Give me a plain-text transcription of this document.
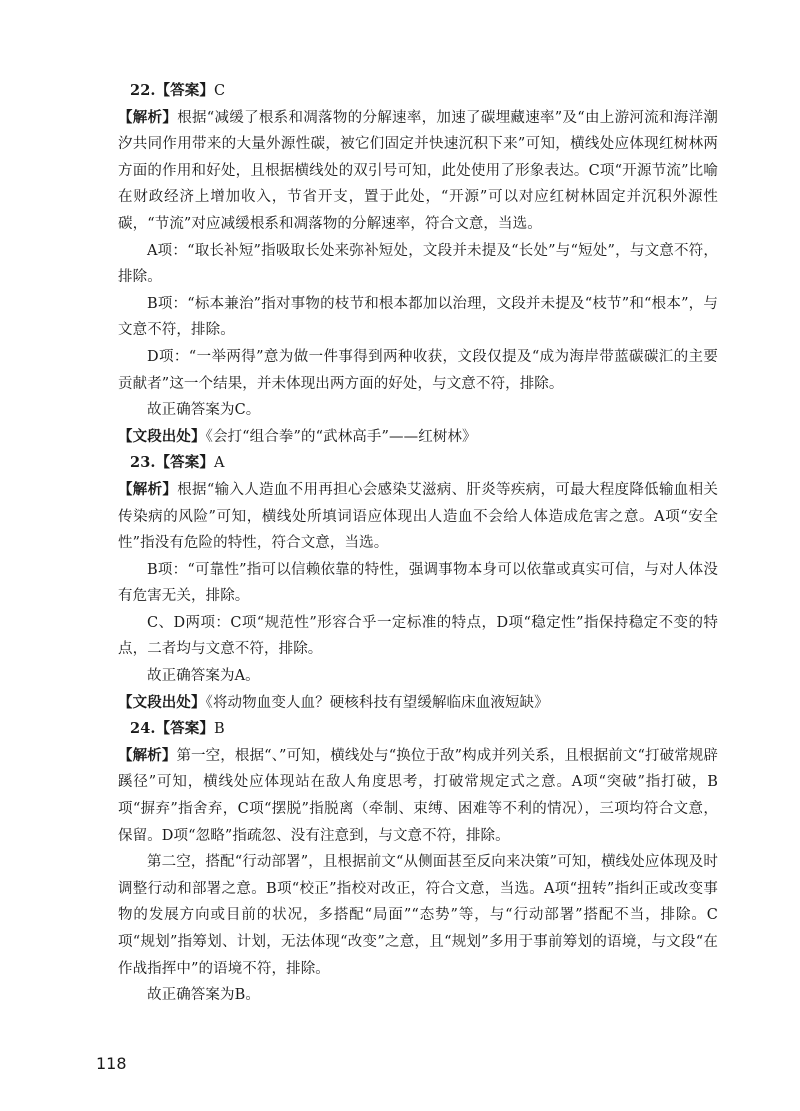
22.【答案】C

【解析】根据“减缓了根系和凋落物的分解速率，加速了碳埋藏速率”及“由上游河流和海洋潮汐共同作用带来的大量外源性碳，被它们固定并快速沉积下来”可知，横线处应体现红树林两方面的作用和好处，且根据横线处的双引号可知，此处使用了形象表达。C项“开源节流”比喻在财政经济上增加收入，节省开支，置于此处，“开源”可以对应红树林固定并沉积外源性碳，“节流”对应减缓根系和凋落物的分解速率，符合文意，当选。

A项：“取长补短”指吸取长处来弥补短处，文段并未提及“长处”与“短处”，与文意不符，排除。

B项：“标本兼治”指对事物的枝节和根本都加以治理，文段并未提及“枝节”和“根本”，与文意不符，排除。

D项：“一举两得”意为做一件事得到两种收获，文段仅提及“成为海岸带蓝碳碳汇的主要贡献者”这一个结果，并未体现出两方面的好处，与文意不符，排除。

故正确答案为C。

【文段出处】《会打“组合拳”的“武林高手”——红树林》

23.【答案】A

【解析】根据“输入人造血不用再担心会感染艾滋病、肝炎等疾病，可最大程度降低输血相关传染病的风险”可知，横线处所填词语应体现出人造血不会给人体造成危害之意。A项“安全性”指没有危险的特性，符合文意，当选。

B项：“可靠性”指可以信赖依靠的特性，强调事物本身可以依靠或真实可信，与对人体没有危害无关，排除。

C、D两项：C项“规范性”形容合乎一定标准的特点，D项“稳定性”指保持稳定不变的特点，二者均与文意不符，排除。

故正确答案为A。

【文段出处】《将动物血变人血？硬核科技有望缓解临床血液短缺》

24.【答案】B

【解析】第一空，根据“、”可知，横线处与“换位于敌”构成并列关系，且根据前文“打破常规辟蹊径”可知，横线处应体现站在敌人角度思考，打破常规定式之意。A项“突破”指打破，B项“摒弃”指舍弃，C项“摆脱”指脱离（牵制、束缚、困难等不利的情况），三项均符合文意，保留。D项“忽略”指疏忽、没有注意到，与文意不符，排除。

第二空，搭配“行动部署”，且根据前文“从侧面甚至反向来决策”可知，横线处应体现及时调整行动和部署之意。B项“校正”指校对改正，符合文意，当选。A项“扭转”指纠正或改变事物的发展方向或目前的状况，多搭配“局面”“态势”等，与“行动部署”搭配不当，排除。C项“规划”指筹划、计划，无法体现“改变”之意，且“规划”多用于事前筹划的语境，与文段“在作战指挥中”的语境不符，排除。

故正确答案为B。

118
